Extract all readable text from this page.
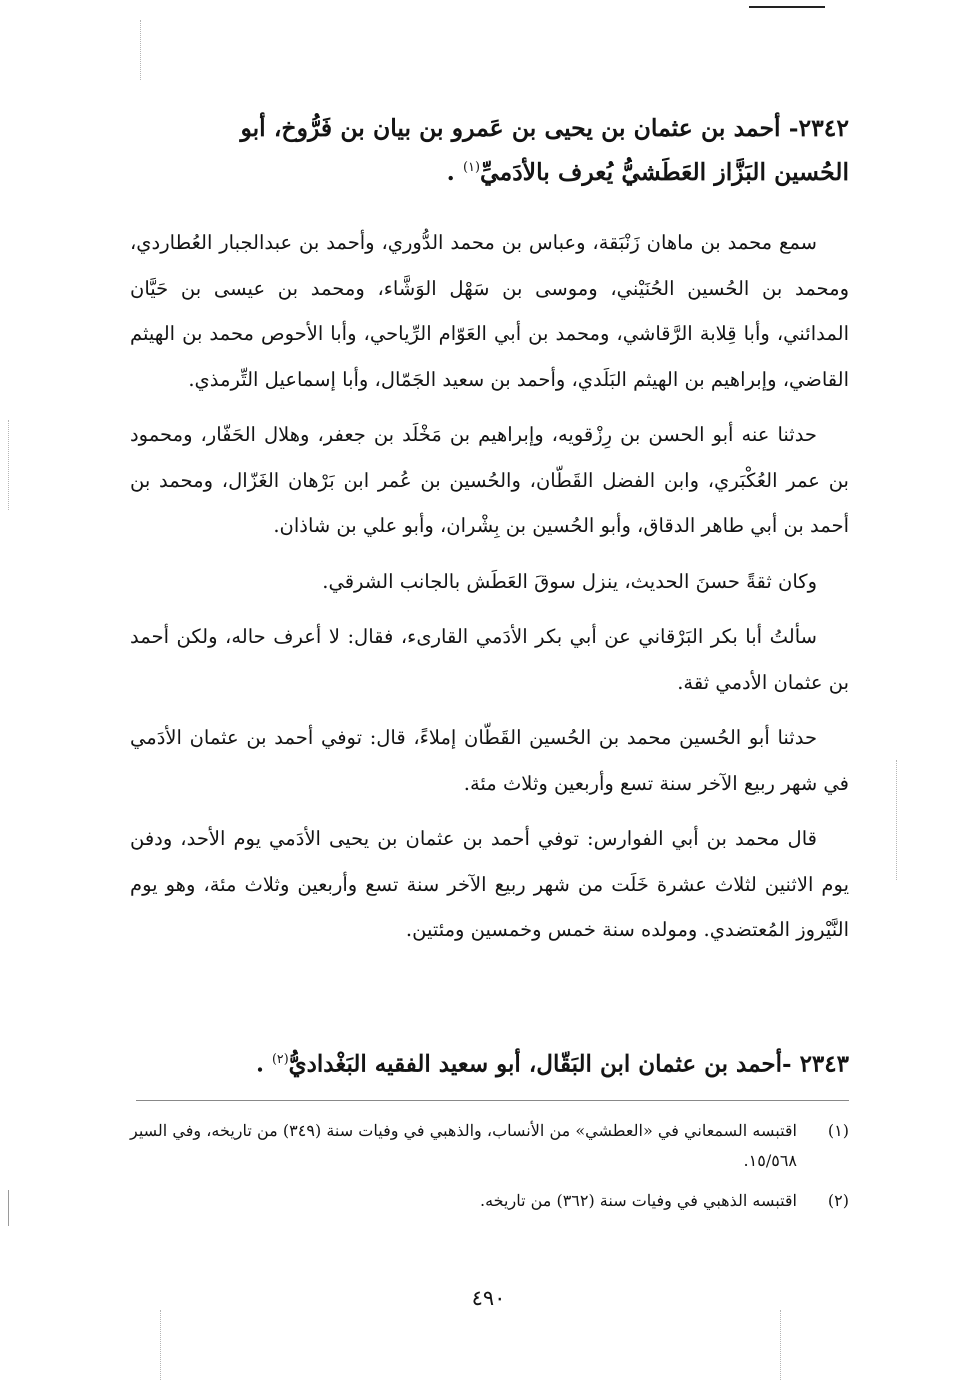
٢٣٤٢- أحمد بن عثمان بن يحيى بن عَمرو بن بيان بن فَرُّوخ، أبو
الحُسين البَزَّاز العَطَشيُّ يُعرف بالأدَميِّ$^{(١)}$ .

سمع محمد بن ماهان زَنْبَقة، وعباس بن محمد الدُّوري، وأحمد بن عبدالجبار العُطاردي، ومحمد بن الحُسين الحُنَيْني، وموسى بن سَهْل الوَشَّاء، ومحمد بن عيسى بن حَيَّان المدائني، وأبا قِلابة الرَّقاشي، ومحمد بن أبي العَوّام الرِّياحي، وأبا الأحوص محمد بن الهيثم القاضي، وإبراهيم بن الهيثم البَلَدي، وأحمد بن سعيد الجَمّال، وأبا إسماعيل التِّرمذي.

حدثنا عنه أبو الحسن بن رِزْقويه، وإبراهيم بن مَخْلَد بن جعفر، وهلال الحَفّار، ومحمود بن عمر العُكْبَري، وابن الفضل القَطّان، والحُسين بن عُمر ابن بَرْهان الغَزّال، ومحمد بن أحمد بن أبي طاهر الدقاق، وأبو الحُسين بن بِشْران، وأبو علي بن شاذان.

وكان ثقةً حسنَ الحديث، ينزل سوقَ العَطَش بالجانب الشرقي.

سألتُ أبا بكر البَرْقاني عن أبي بكر الأدَمي القارىء، فقال: لا أعرف حاله، ولكن أحمد بن عثمان الأدمي ثقة.

حدثنا أبو الحُسين محمد بن الحُسين القَطّان إملاءً، قال: توفي أحمد بن عثمان الأدَمي في شهر ربيع الآخر سنة تسع وأربعين وثلاث مئة.

قال محمد بن أبي الفوارس: توفي أحمد بن عثمان بن يحيى الأدَمي يوم الأحد، ودفن يوم الاثنين لثلاث عشرة خَلَت من شهر ربيع الآخر سنة تسع وأربعين وثلاث مئة، وهو يوم النَّيْروز المُعتضدي. ومولده سنة خمس وخمسين ومئتين.

٢٣٤٣ -أحمد بن عثمان ابن البَقّال، أبو سعيد الفقيه البَغْداديُّ$^{(٢)}$ .
(١)
اقتبسه السمعاني في «العطشي» من الأنساب، والذهبي في وفيات سنة (٣٤٩) من تاريخه، وفي السير ١٥/٥٦٨.
(٢)
اقتبسه الذهبي في وفيات سنة (٣٦٢) من تاريخه.
٤٩٠
